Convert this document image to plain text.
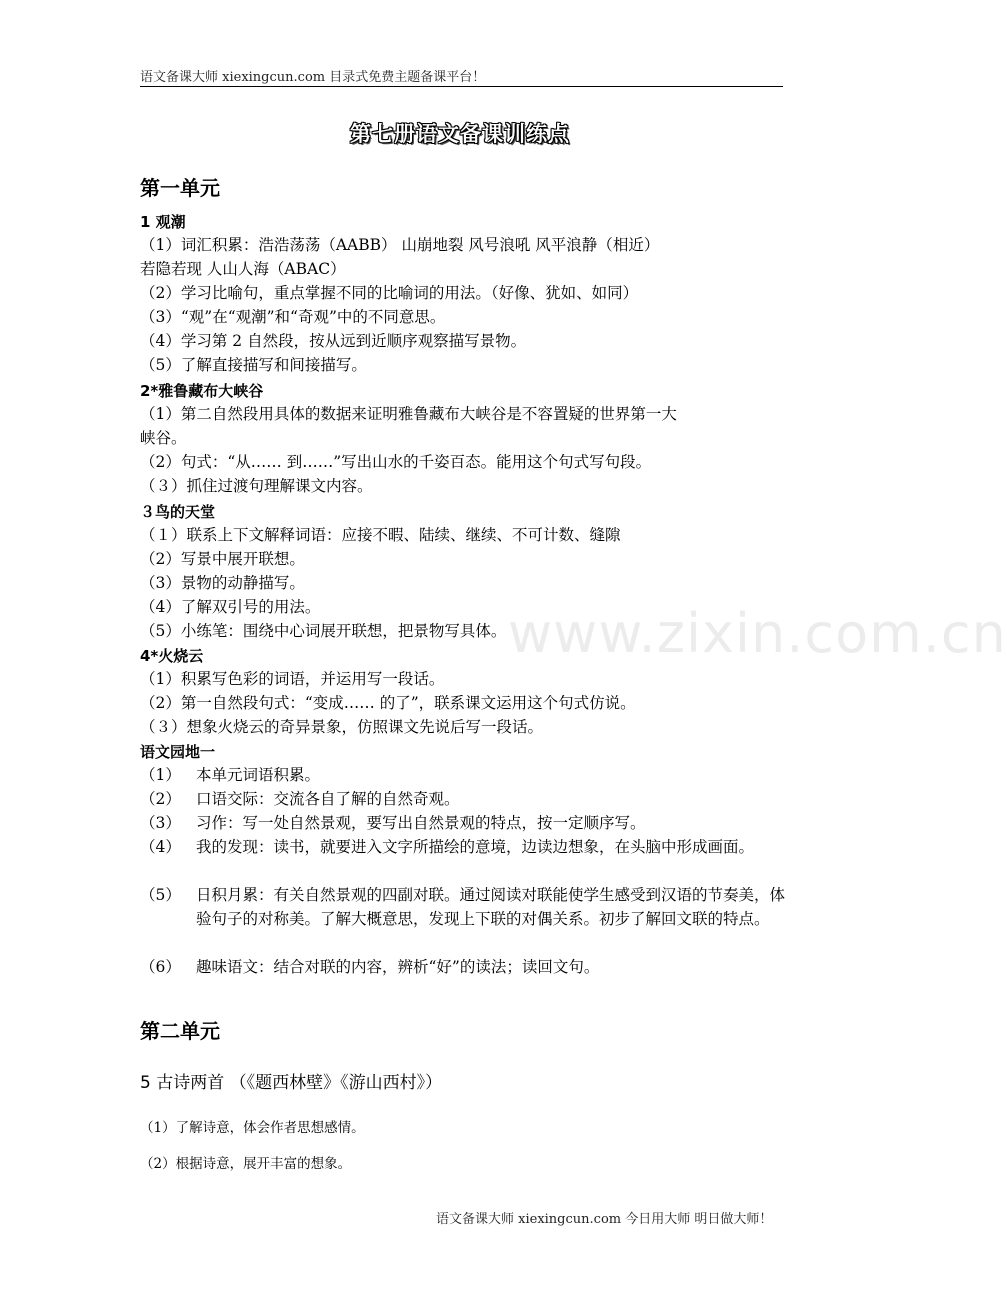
语文备课大师 xiexingcun.com 目录式免费主题备课平台！
第七册语文备课训练点
www.zixin.com.cn
第一单元
1 观潮
（1）词汇积累：浩浩荡荡（AABB） 山崩地裂 风号浪吼 风平浪静（相近）
若隐若现 人山人海（ABAC）
（2）学习比喻句，重点掌握不同的比喻词的用法。（好像、犹如、如同）
（3）“观”在“观潮”和“奇观”中的不同意思。
（4）学习第 2 自然段，按从远到近顺序观察描写景物。
（5）了解直接描写和间接描写。
2*雅鲁藏布大峡谷
（1）第二自然段用具体的数据来证明雅鲁藏布大峡谷是不容置疑的世界第一大
峡谷。
（2）句式：“从…… 到……”写出山水的千姿百态。能用这个句式写句段。
（３）抓住过渡句理解课文内容。
３鸟的天堂
（１）联系上下文解释词语：应接不暇、陆续、继续、不可计数、缝隙
（2）写景中展开联想。
（3）景物的动静描写。
（4）了解双引号的用法。
（5）小练笔：围绕中心词展开联想，把景物写具体。
4*火烧云
（1）积累写色彩的词语，并运用写一段话。
（2）第一自然段句式：“变成…… 的了”，联系课文运用这个句式仿说。
（３）想象火烧云的奇异景象，仿照课文先说后写一段话。
语文园地一
（1） 本单元词语积累。
（2） 口语交际：交流各自了解的自然奇观。
（3） 习作：写一处自然景观，要写出自然景观的特点，按一定顺序写。
（4） 我的发现：读书，就要进入文字所描绘的意境，边读边想象，在头脑中形成画面。
（5） 日积月累：有关自然景观的四副对联。通过阅读对联能使学生感受到汉语的节奏美，体验句子的对称美。了解大概意思，发现上下联的对偶关系。初步了解回文联的特点。
（6） 趣味语文：结合对联的内容，辨析“好”的读法；读回文句。
第二单元
5 古诗两首 （《题西林壁》《游山西村》）
（1）了解诗意，体会作者思想感情。
（2）根据诗意，展开丰富的想象。
语文备课大师 xiexingcun.com 今日用大师 明日做大师！
